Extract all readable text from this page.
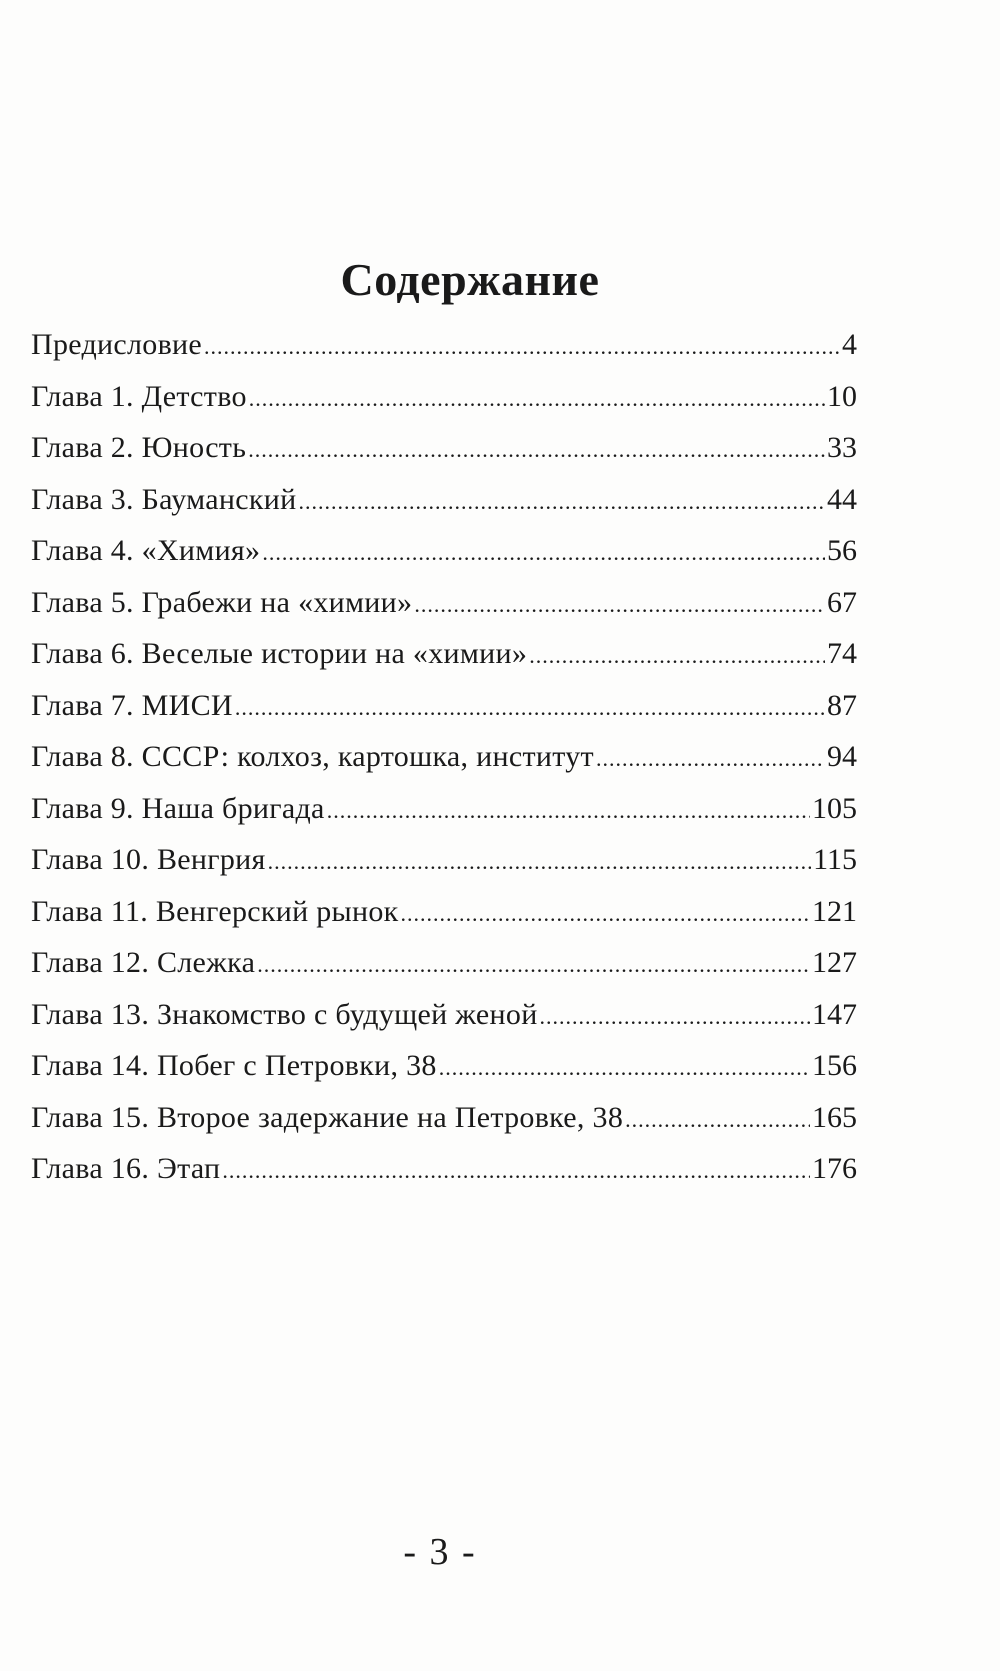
Содержание
Предисловие .....	4
Глава 1. Детство .....	10
Глава 2. Юность .....	33
Глава 3. Бауманский .....	44
Глава 4. «Химия» .....	56
Глава 5. Грабежи на «химии» .....	67
Глава 6. Веселые истории на «химии» .....	74
Глава 7. МИСИ .....	87
Глава 8. СССР: колхоз, картошка, институт .....	94
Глава 9. Наша бригада .....	105
Глава 10. Венгрия .....	115
Глава 11. Венгерский рынок .....	121
Глава 12. Слежка .....	127
Глава 13. Знакомство с будущей женой .....	147
Глава 14. Побег с Петровки, 38 .....	156
Глава 15. Второе задержание на Петровке, 38 .....	165
Глава 16. Этап .....	176
- 3 -
